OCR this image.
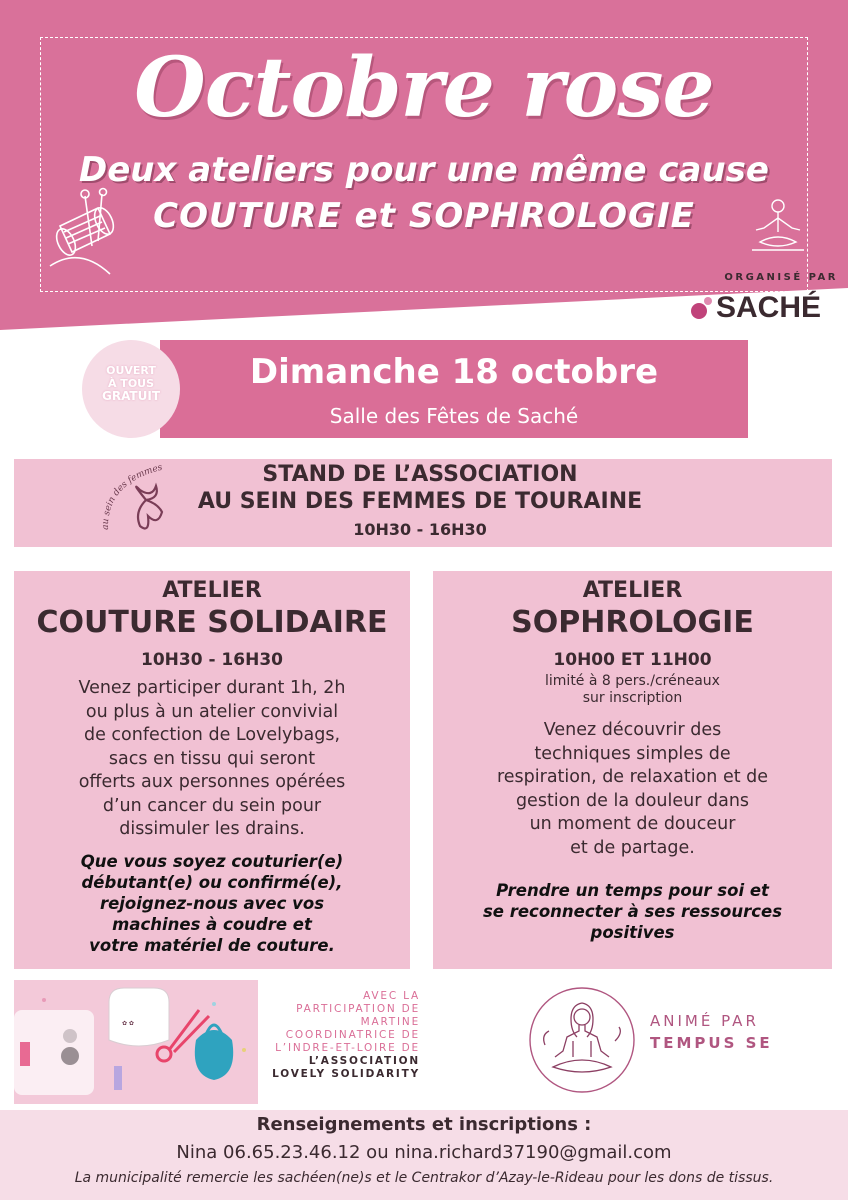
Octobre rose
Deux ateliers pour une même cause
COUTURE et SOPHROLOGIE
ORGANISÉ PAR
SACHÉ
OUVERT
À TOUS
GRATUIT
Dimanche 18 octobre
Salle des Fêtes de Saché
au sein des femmes	STAND DE L’ASSOCIATION
AU SEIN DES FEMMES DE TOURAINE
10H30 - 16H30
ATELIER
COUTURE SOLIDAIRE
10H30 - 16H30
Venez participer durant 1h, 2h
ou plus à un atelier convivial
de confection de Lovelybags,
sacs en tissu qui seront
offerts aux personnes opérées
d’un cancer du sein pour
dissimuler les drains.
Que vous soyez couturier(e)
débutant(e) ou confirmé(e),
rejoignez-nous avec vos
machines à coudre et
votre matériel de couture.
ATELIER
SOPHROLOGIE
10H00 ET 11H00
limité à 8 pers./créneaux
sur inscription
Venez découvrir des
techniques simples de
respiration, de relaxation et de
gestion de la douleur dans
un moment de douceur
et de partage.
Prendre un temps pour soi et
se reconnecter à ses ressources
positives
✿ ✿
AVEC LA
PARTICIPATION DE
MARTINE
COORDINATRICE DE
L’INDRE-ET-LOIRE DE
L’ASSOCIATION
LOVELY SOLIDARITY
ANIMÉ PAR
TEMPUS SE
Renseignements et inscriptions :
Nina 06.65.23.46.12 ou nina.richard37190@gmail.com
La municipalité remercie les sachéen(ne)s et le Centrakor d’Azay-le-Rideau pour les dons de tissus.
